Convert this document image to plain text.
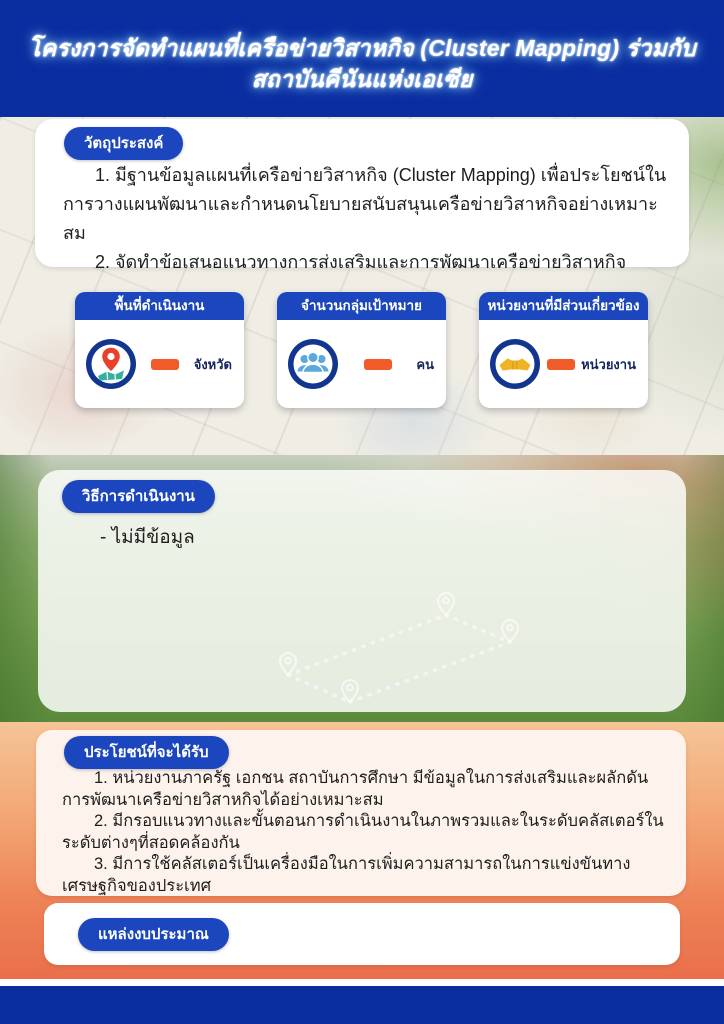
โครงการจัดทำแผนที่เครือข่ายวิสาหกิจ (Cluster Mapping) ร่วมกับ
สถาบันคีนันแห่งเอเซีย
วัตถุประสงค์
1. มีฐานข้อมูลแผนที่เครือข่ายวิสาหกิจ (Cluster Mapping) เพื่อประโยชน์ใน
การวางแผนพัฒนาและกำหนดนโยบายสนับสนุนเครือข่ายวิสาหกิจอย่างเหมาะสม
2. จัดทำข้อเสนอแนวทางการส่งเสริมและการพัฒนาเครือข่ายวิสาหกิจ
พื้นที่ดำเนินงาน
จังหวัด
จำนวนกลุ่มเป้าหมาย
คน
หน่วยงานที่มีส่วนเกี่ยวข้อง
หน่วยงาน
วิธีการดำเนินงาน
- ไม่มีข้อมูล
ประโยชน์ที่จะได้รับ
1. หน่วยงานภาครัฐ เอกชน สถาบันการศึกษา มีข้อมูลในการส่งเสริมและผลักดัน
การพัฒนาเครือข่ายวิสาหกิจได้อย่างเหมาะสม
2. มีกรอบแนวทางและขั้นตอนการดำเนินงานในภาพรวมและในระดับคลัสเตอร์ใน
ระดับต่างๆที่สอดคล้องกัน
3. มีการใช้คลัสเตอร์เป็นเครื่องมือในการเพิ่มความสามารถในการแข่งขันทาง
เศรษฐกิจของประเทศ
แหล่งงบประมาณ
